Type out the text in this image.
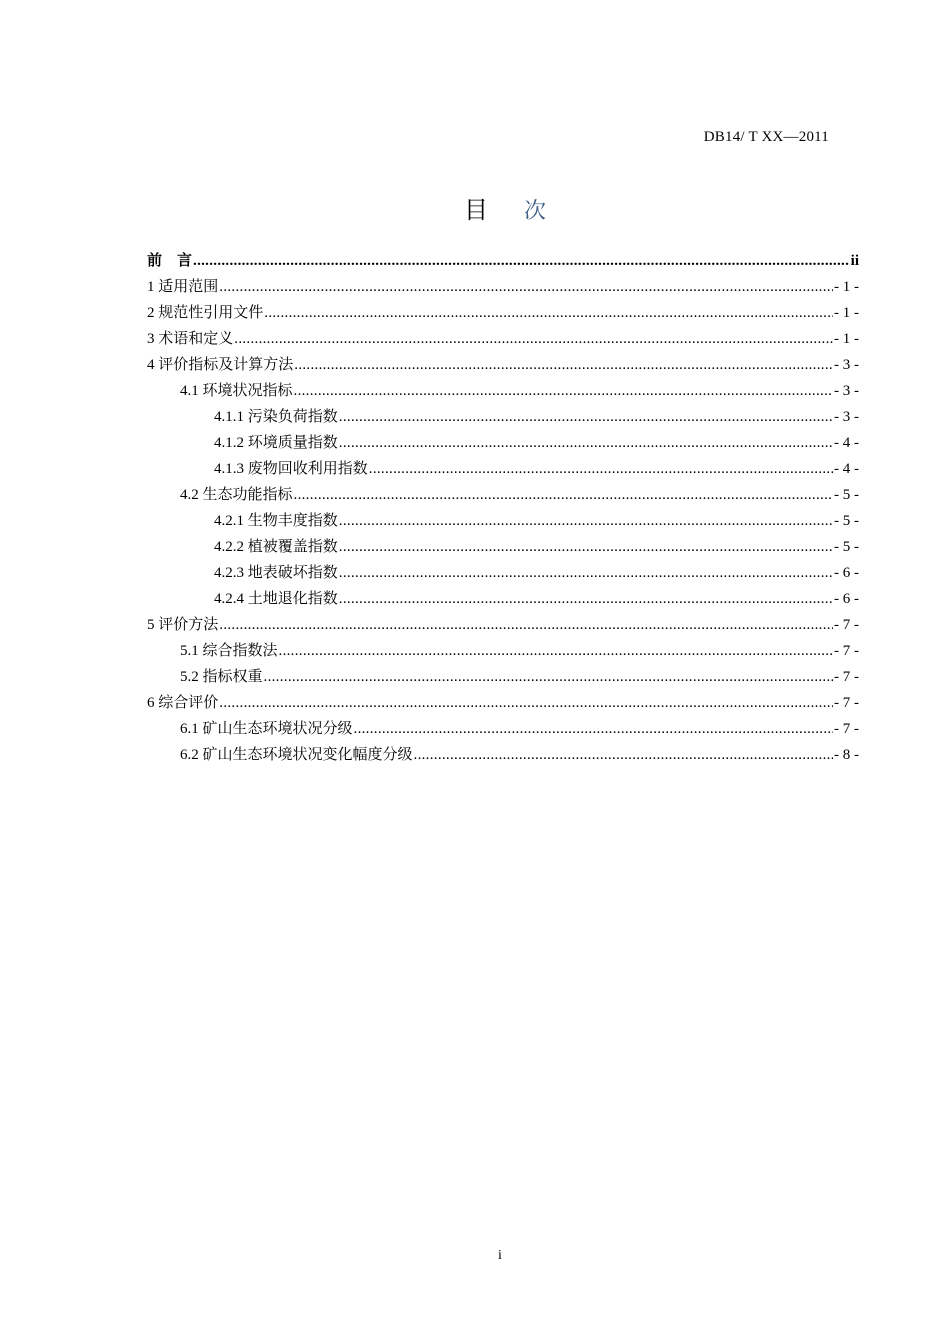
DB14/ T XX—2011
目 次
前　言 .....	ii
1 适用范围 .....	- 1 -
2 规范性引用文件 .....	- 1 -
3 术语和定义 .....	- 1 -
4 评价指标及计算方法 .....	- 3 -
4.1 环境状况指标 .....	- 3 -
4.1.1 污染负荷指数 .....	- 3 -
4.1.2 环境质量指数 .....	- 4 -
4.1.3 废物回收利用指数 .....	- 4 -
4.2 生态功能指标 .....	- 5 -
4.2.1 生物丰度指数 .....	- 5 -
4.2.2 植被覆盖指数 .....	- 5 -
4.2.3 地表破坏指数 .....	- 6 -
4.2.4 土地退化指数 .....	- 6 -
5 评价方法 .....	- 7 -
5.1 综合指数法 .....	- 7 -
5.2 指标权重 .....	- 7 -
6 综合评价 .....	- 7 -
6.1 矿山生态环境状况分级 .....	- 7 -
6.2 矿山生态环境状况变化幅度分级 .....	- 8 -
i
